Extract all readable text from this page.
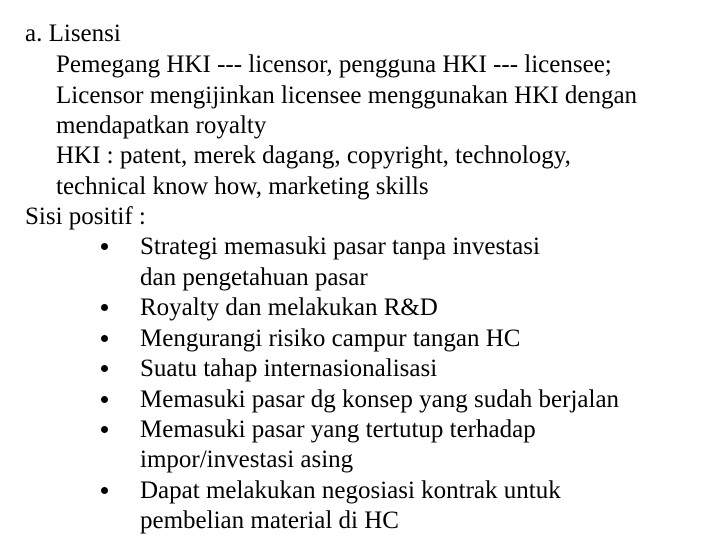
a. Lisensi
Pemegang HKI --- licensor, pengguna HKI --- licensee;
Licensor mengijinkan licensee menggunakan HKI dengan
mendapatkan royalty
HKI : patent, merek dagang, copyright, technology,
technical know how, marketing skills
Sisi positif :
Strategi memasuki pasar tanpa investasi
dan pengetahuan pasar
Royalty dan melakukan R&D
Mengurangi risiko campur tangan HC
Suatu tahap internasionalisasi
Memasuki pasar dg konsep yang sudah berjalan
Memasuki pasar yang tertutup terhadap
impor/investasi asing
Dapat melakukan negosiasi kontrak untuk
pembelian material di HC
